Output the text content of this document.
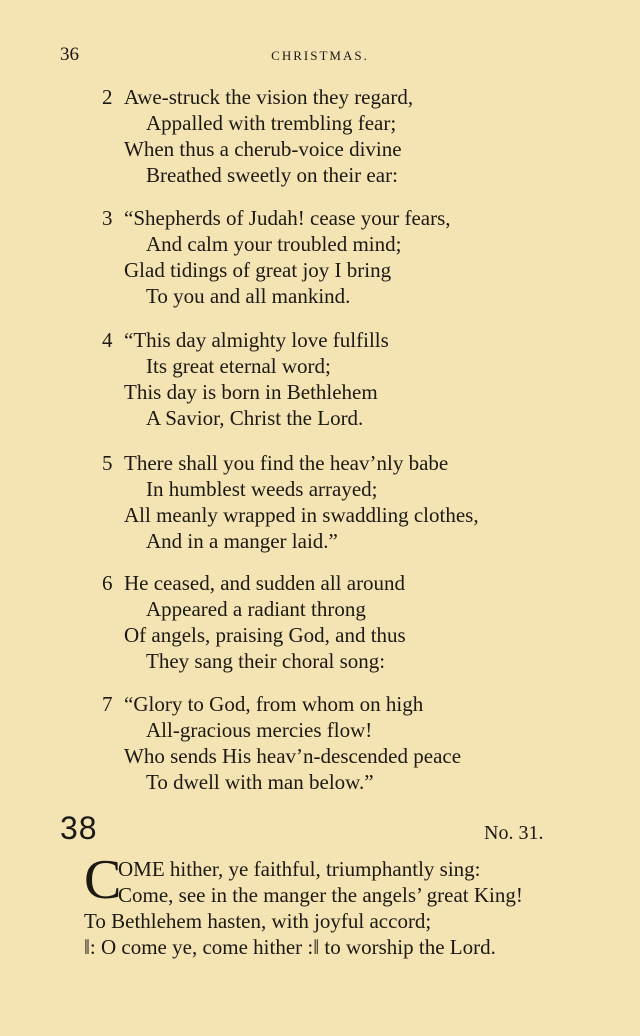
36	CHRISTMAS.
2 Awe-struck the vision they regard,
Appalled with trembling fear;
When thus a cherub-voice divine
Breathed sweetly on their ear:
3 “Shepherds of Judah! cease your fears,
And calm your troubled mind;
Glad tidings of great joy I bring
To you and all mankind.
4 “This day almighty love fulfills
Its great eternal word;
This day is born in Bethlehem
A Savior, Christ the Lord.
5 There shall you find the heav’nly babe
In humblest weeds arrayed;
All meanly wrapped in swaddling clothes,
And in a manger laid.”
6 He ceased, and sudden all around
Appeared a radiant throng
Of angels, praising God, and thus
They sang their choral song:
7 “Glory to God, from whom on high
All-gracious mercies flow!
Who sends His heav’n-descended peace
To dwell with man below.”
38	No. 31.
C
OME hither, ye faithful, triumphantly sing:
Come, see in the manger the angels’ great King!
To Bethlehem hasten, with joyful accord;
‖: O come ye, come hither :‖ to worship the Lord.
